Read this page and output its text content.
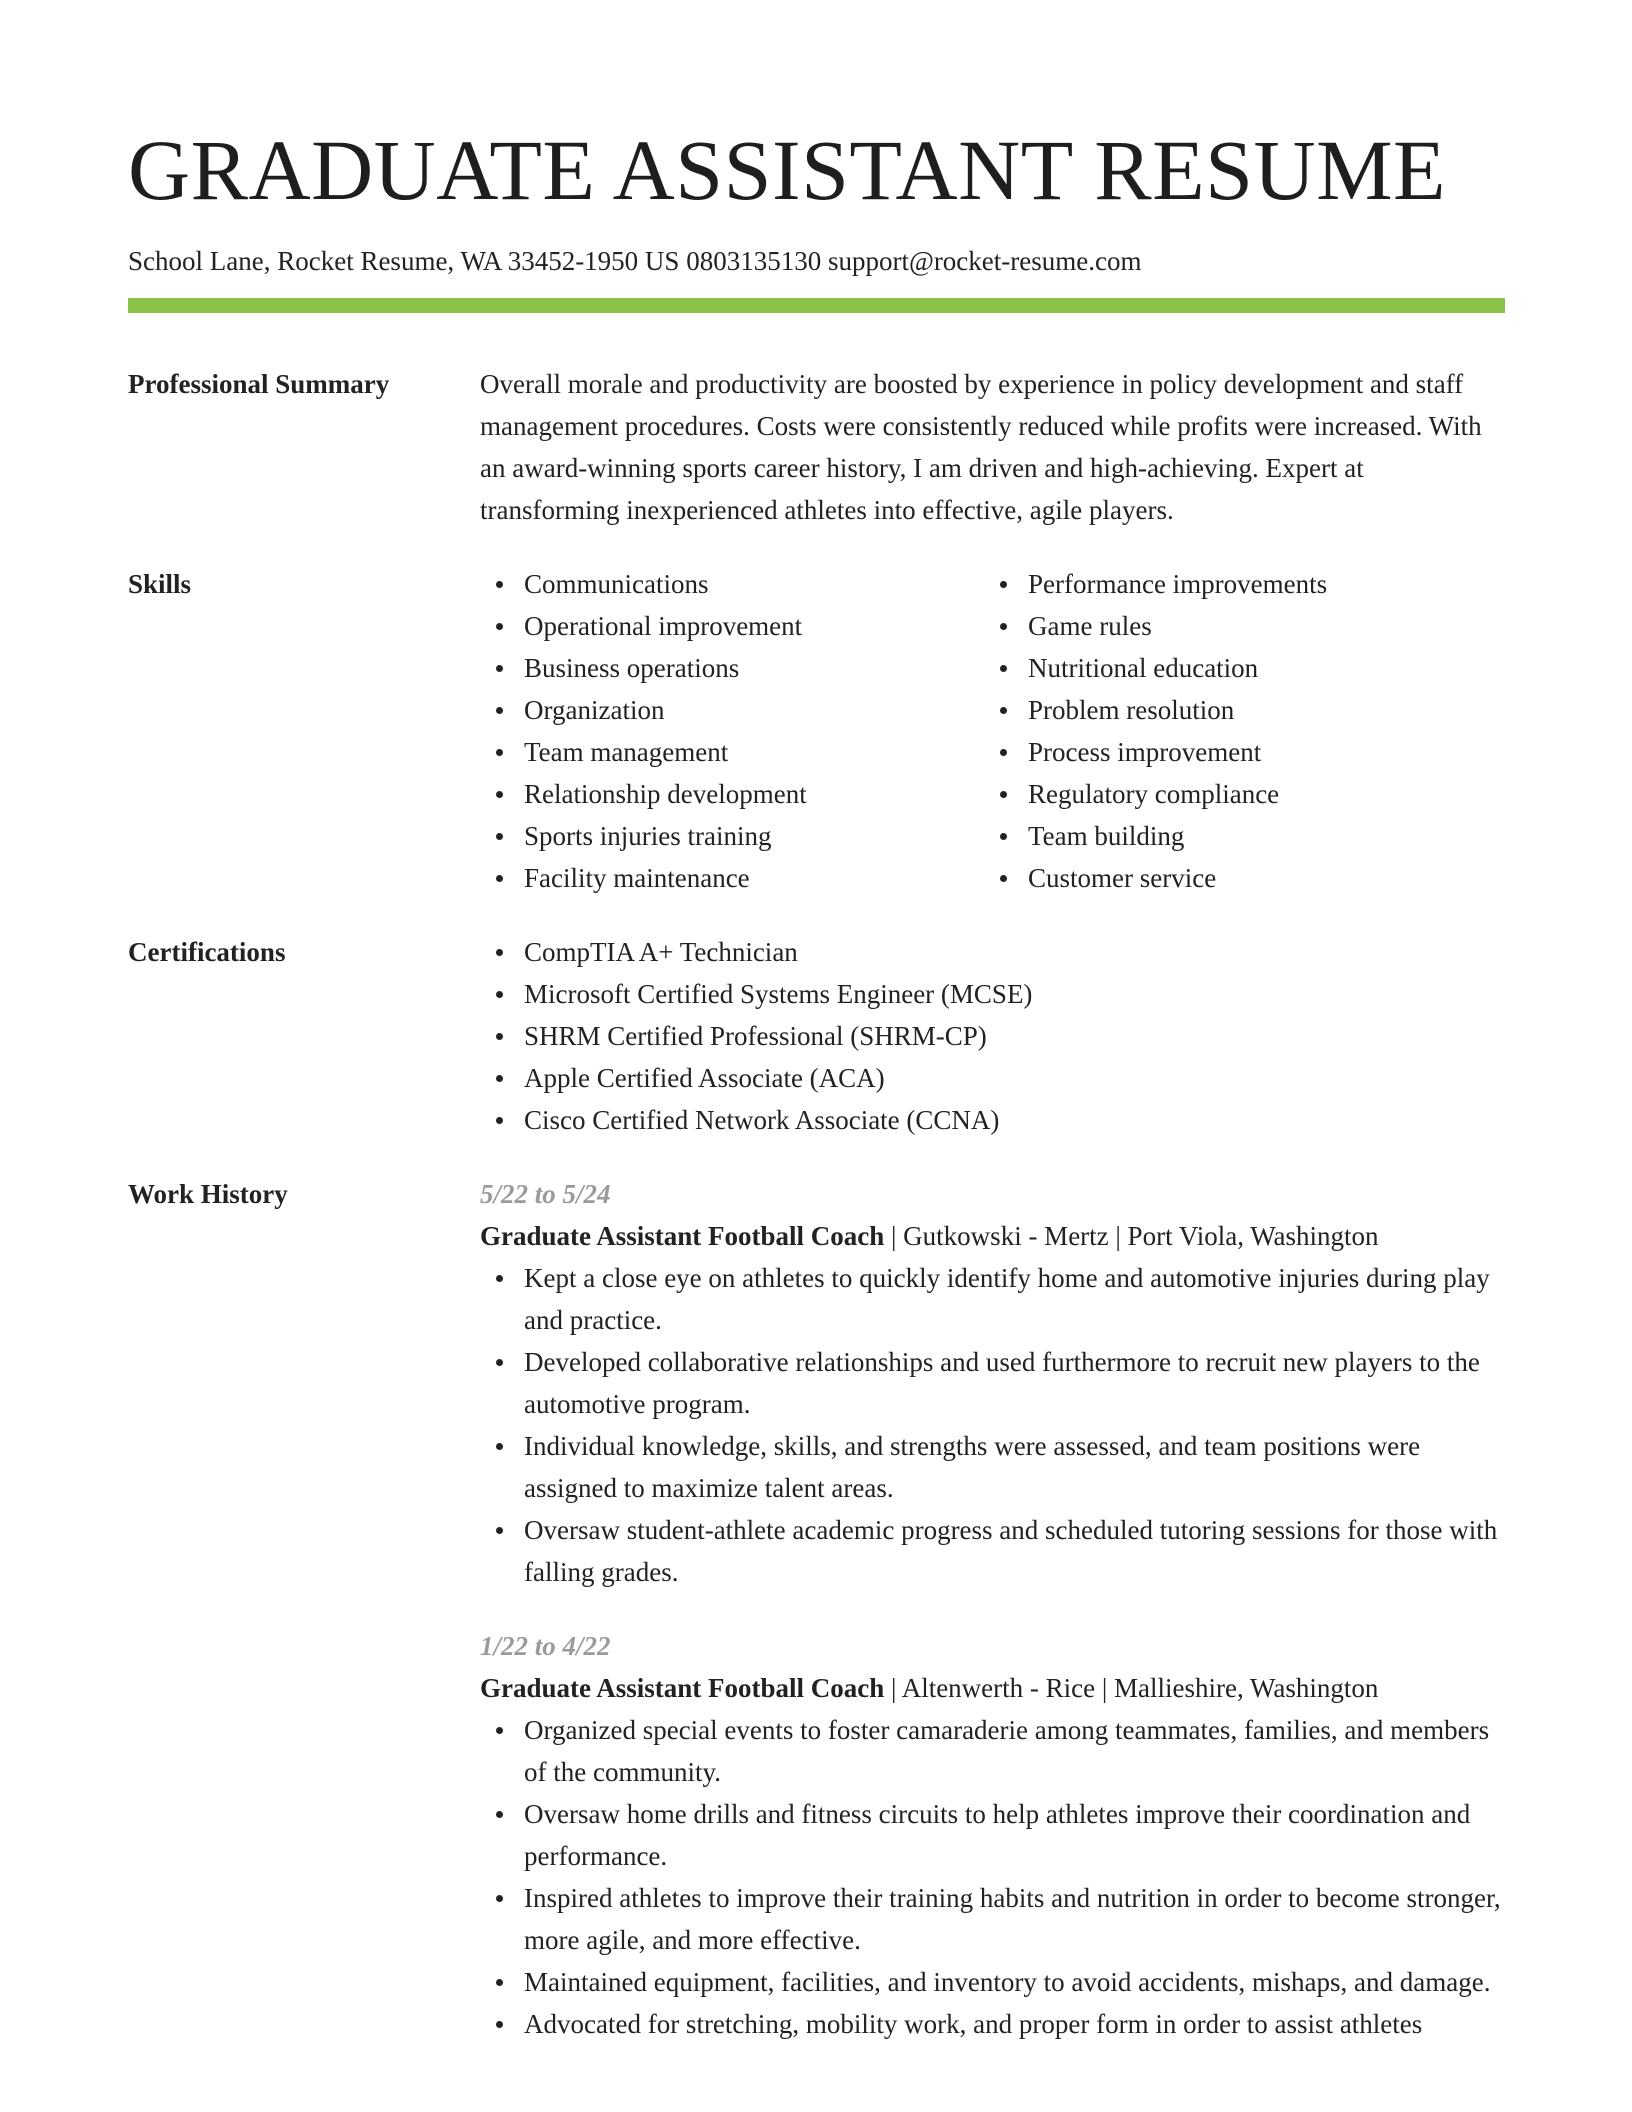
GRADUATE ASSISTANT RESUME
School Lane, Rocket Resume, WA 33452-1950 US 0803135130 support@rocket-resume.com
Professional Summary	Overall morale and productivity are boosted by experience in policy development and staff management procedures. Costs were consistently reduced while profits were increased. With an award-winning sports career history, I am driven and high-achieving. Expert at transforming inexperienced athletes into effective, agile players.

Skills	Communications
Operational improvement
Business operations
Organization
Team management
Relationship development
Sports injuries training
Facility maintenance
Performance improvements
Game rules
Nutritional education
Problem resolution
Process improvement
Regulatory compliance
Team building
Customer service
Certifications	CompTIA A+ Technician
Microsoft Certified Systems Engineer (MCSE)
SHRM Certified Professional (SHRM-CP)
Apple Certified Associate (ACA)
Cisco Certified Network Associate (CCNA)
Work History	5/22 to 5/24
Graduate Assistant Football Coach | Gutkowski - Mertz | Port Viola, Washington
Kept a close eye on athletes to quickly identify home and automotive injuries during play and practice.
Developed collaborative relationships and used furthermore to recruit new players to the automotive program.
Individual knowledge, skills, and strengths were assessed, and team positions were assigned to maximize talent areas.
Oversaw student-athlete academic progress and scheduled tutoring sessions for those with falling grades.
1/22 to 4/22
Graduate Assistant Football Coach | Altenwerth - Rice | Mallieshire, Washington
Organized special events to foster camaraderie among teammates, families, and members of the community.
Oversaw home drills and fitness circuits to help athletes improve their coordination and performance.
Inspired athletes to improve their training habits and nutrition in order to become stronger, more agile, and more effective.
Maintained equipment, facilities, and inventory to avoid accidents, mishaps, and damage.
Advocated for stretching, mobility work, and proper form in order to assist athletes
